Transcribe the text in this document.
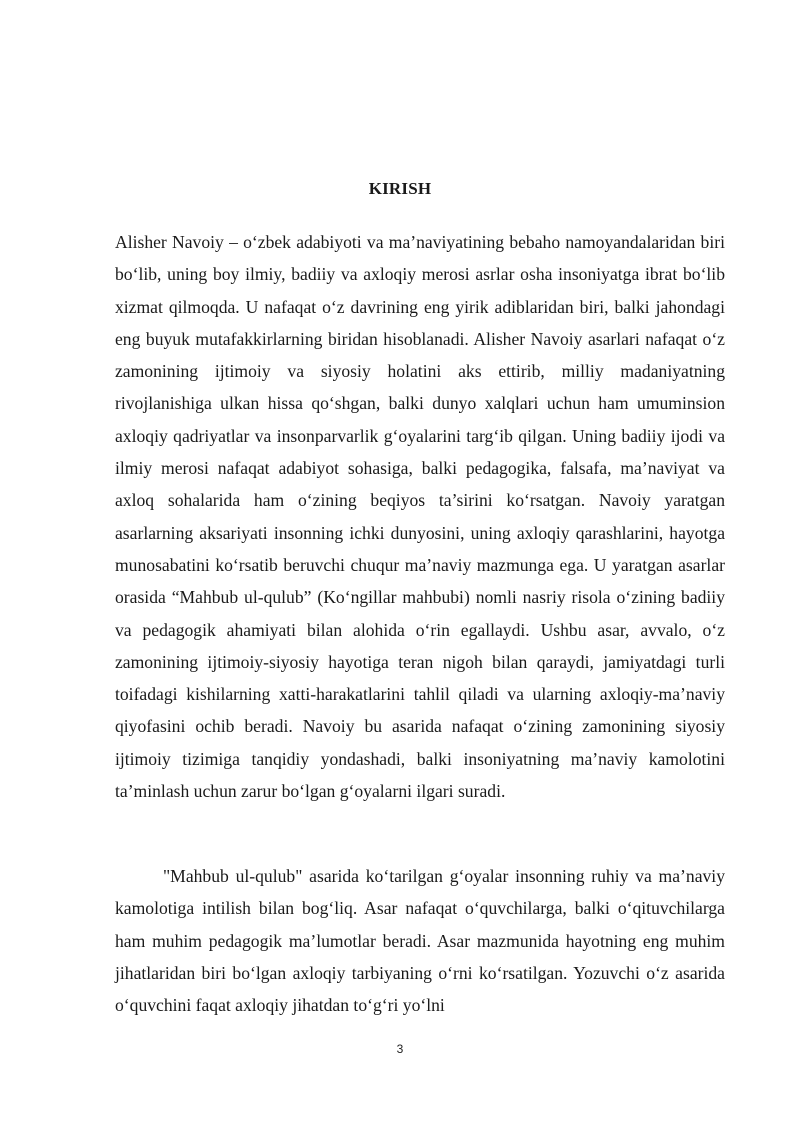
KIRISH

Alisher Navoiy – o‘zbek adabiyoti va ma’naviyatining bebaho namoyandalaridan biri bo‘lib, uning boy ilmiy, badiiy va axloqiy merosi asrlar osha insoniyatga ibrat bo‘lib xizmat qilmoqda. U nafaqat o‘z davrining eng yirik adiblaridan biri, balki jahondagi eng buyuk mutafakkirlarning biridan hisoblanadi. Alisher Navoiy asarlari nafaqat o‘z zamonining ijtimoiy va siyosiy holatini aks ettirib, milliy madaniyatning rivojlanishiga ulkan hissa qo‘shgan, balki dunyo xalqlari uchun ham umuminsion axloqiy qadriyatlar va insonparvarlik g‘oyalarini targ‘ib qilgan. Uning badiiy ijodi va ilmiy merosi nafaqat adabiyot sohasiga, balki pedagogika, falsafa, ma’naviyat va axloq sohalarida ham o‘zining beqiyos ta’sirini ko‘rsatgan. Navoiy yaratgan asarlarning aksariyati insonning ichki dunyosini, uning axloqiy qarashlarini, hayotga munosabatini ko‘rsatib beruvchi chuqur ma’naviy mazmunga ega. U yaratgan asarlar orasida “Mahbub ul-qulub” (Ko‘ngillar mahbubi) nomli nasriy risola o‘zining badiiy va pedagogik ahamiyati bilan alohida o‘rin egallaydi. Ushbu asar, avvalo, o‘z zamonining ijtimoiy-siyosiy hayotiga teran nigoh bilan qaraydi, jamiyatdagi turli toifadagi kishilarning xatti-harakatlarini tahlil qiladi va ularning axloqiy-ma’naviy qiyofasini ochib beradi. Navoiy bu asarida nafaqat o‘zining zamonining siyosiy ijtimoiy tizimiga tanqidiy yondashadi, balki insoniyatning ma’naviy kamolotini ta’minlash uchun zarur bo‘lgan g‘oyalarni ilgari suradi.

"Mahbub ul-qulub" asarida ko‘tarilgan g‘oyalar insonning ruhiy va ma’naviy kamolotiga intilish bilan bog‘liq. Asar nafaqat o‘quvchilarga, balki o‘qituvchilarga ham muhim pedagogik ma’lumotlar beradi. Asar mazmunida hayotning eng muhim jihatlaridan biri bo‘lgan axloqiy tarbiyaning o‘rni ko‘rsatilgan. Yozuvchi o‘z asarida o‘quvchini faqat axloqiy jihatdan to‘g‘ri yo‘lni

3
